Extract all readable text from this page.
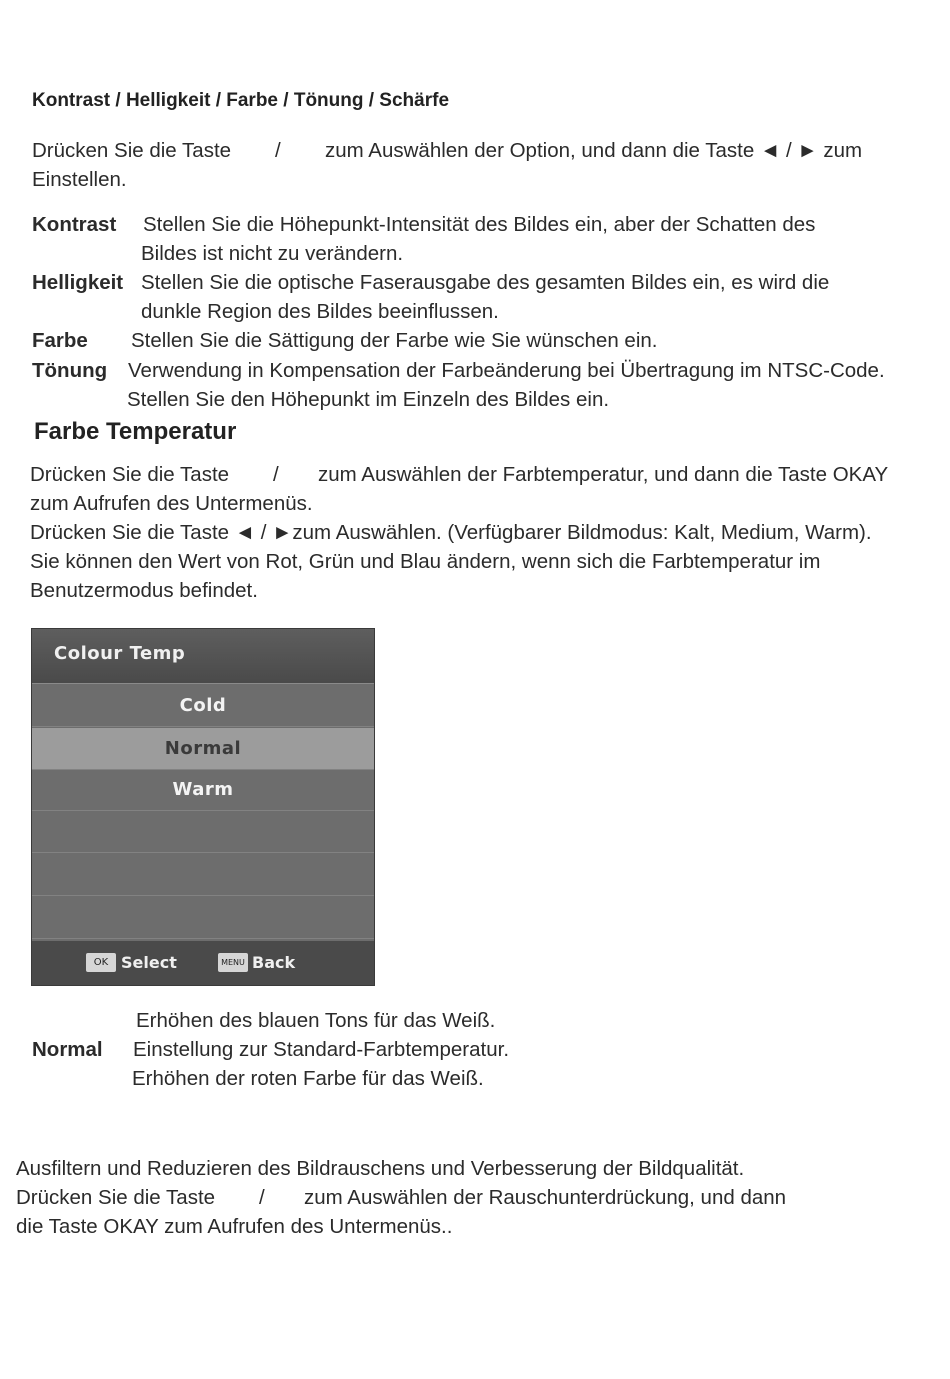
Kontrast / Helligkeit / Farbe / Tönung / Schärfe
Drücken Sie die Taste / zum Auswählen der Option, und dann die Taste ◄ / ► zum
Einstellen.
Kontrast Stellen Sie die Höhepunkt-Intensität des Bildes ein, aber der Schatten des
Bildes ist nicht zu verändern.
Helligkeit Stellen Sie die optische Faserausgabe des gesamten Bildes ein, es wird die
dunkle Region des Bildes beeinflussen.
Farbe Stellen Sie die Sättigung der Farbe wie Sie wünschen ein.
Tönung Verwendung in Kompensation der Farbeänderung bei Übertragung im NTSC-Code.
Stellen Sie den Höhepunkt im Einzeln des Bildes ein.
Farbe Temperatur
Drücken Sie die Taste / zum Auswählen der Farbtemperatur, und dann die Taste OKAY
zum Aufrufen des Untermenüs.
Drücken Sie die Taste ◄ / ►zum Auswählen. (Verfügbarer Bildmodus: Kalt, Medium, Warm).
Sie können den Wert von Rot, Grün und Blau ändern, wenn sich die Farbtemperatur im
Benutzermodus befindet.
Colour Temp
Cold
Normal
Warm
OK Select	MENU Back
Erhöhen des blauen Tons für das Weiß.
Normal Einstellung zur Standard-Farbtemperatur.
Erhöhen der roten Farbe für das Weiß.
Ausfiltern und Reduzieren des Bildrauschens und Verbesserung der Bildqualität.
Drücken Sie die Taste / zum Auswählen der Rauschunterdrückung, und dann
die Taste OKAY zum Aufrufen des Untermenüs..
